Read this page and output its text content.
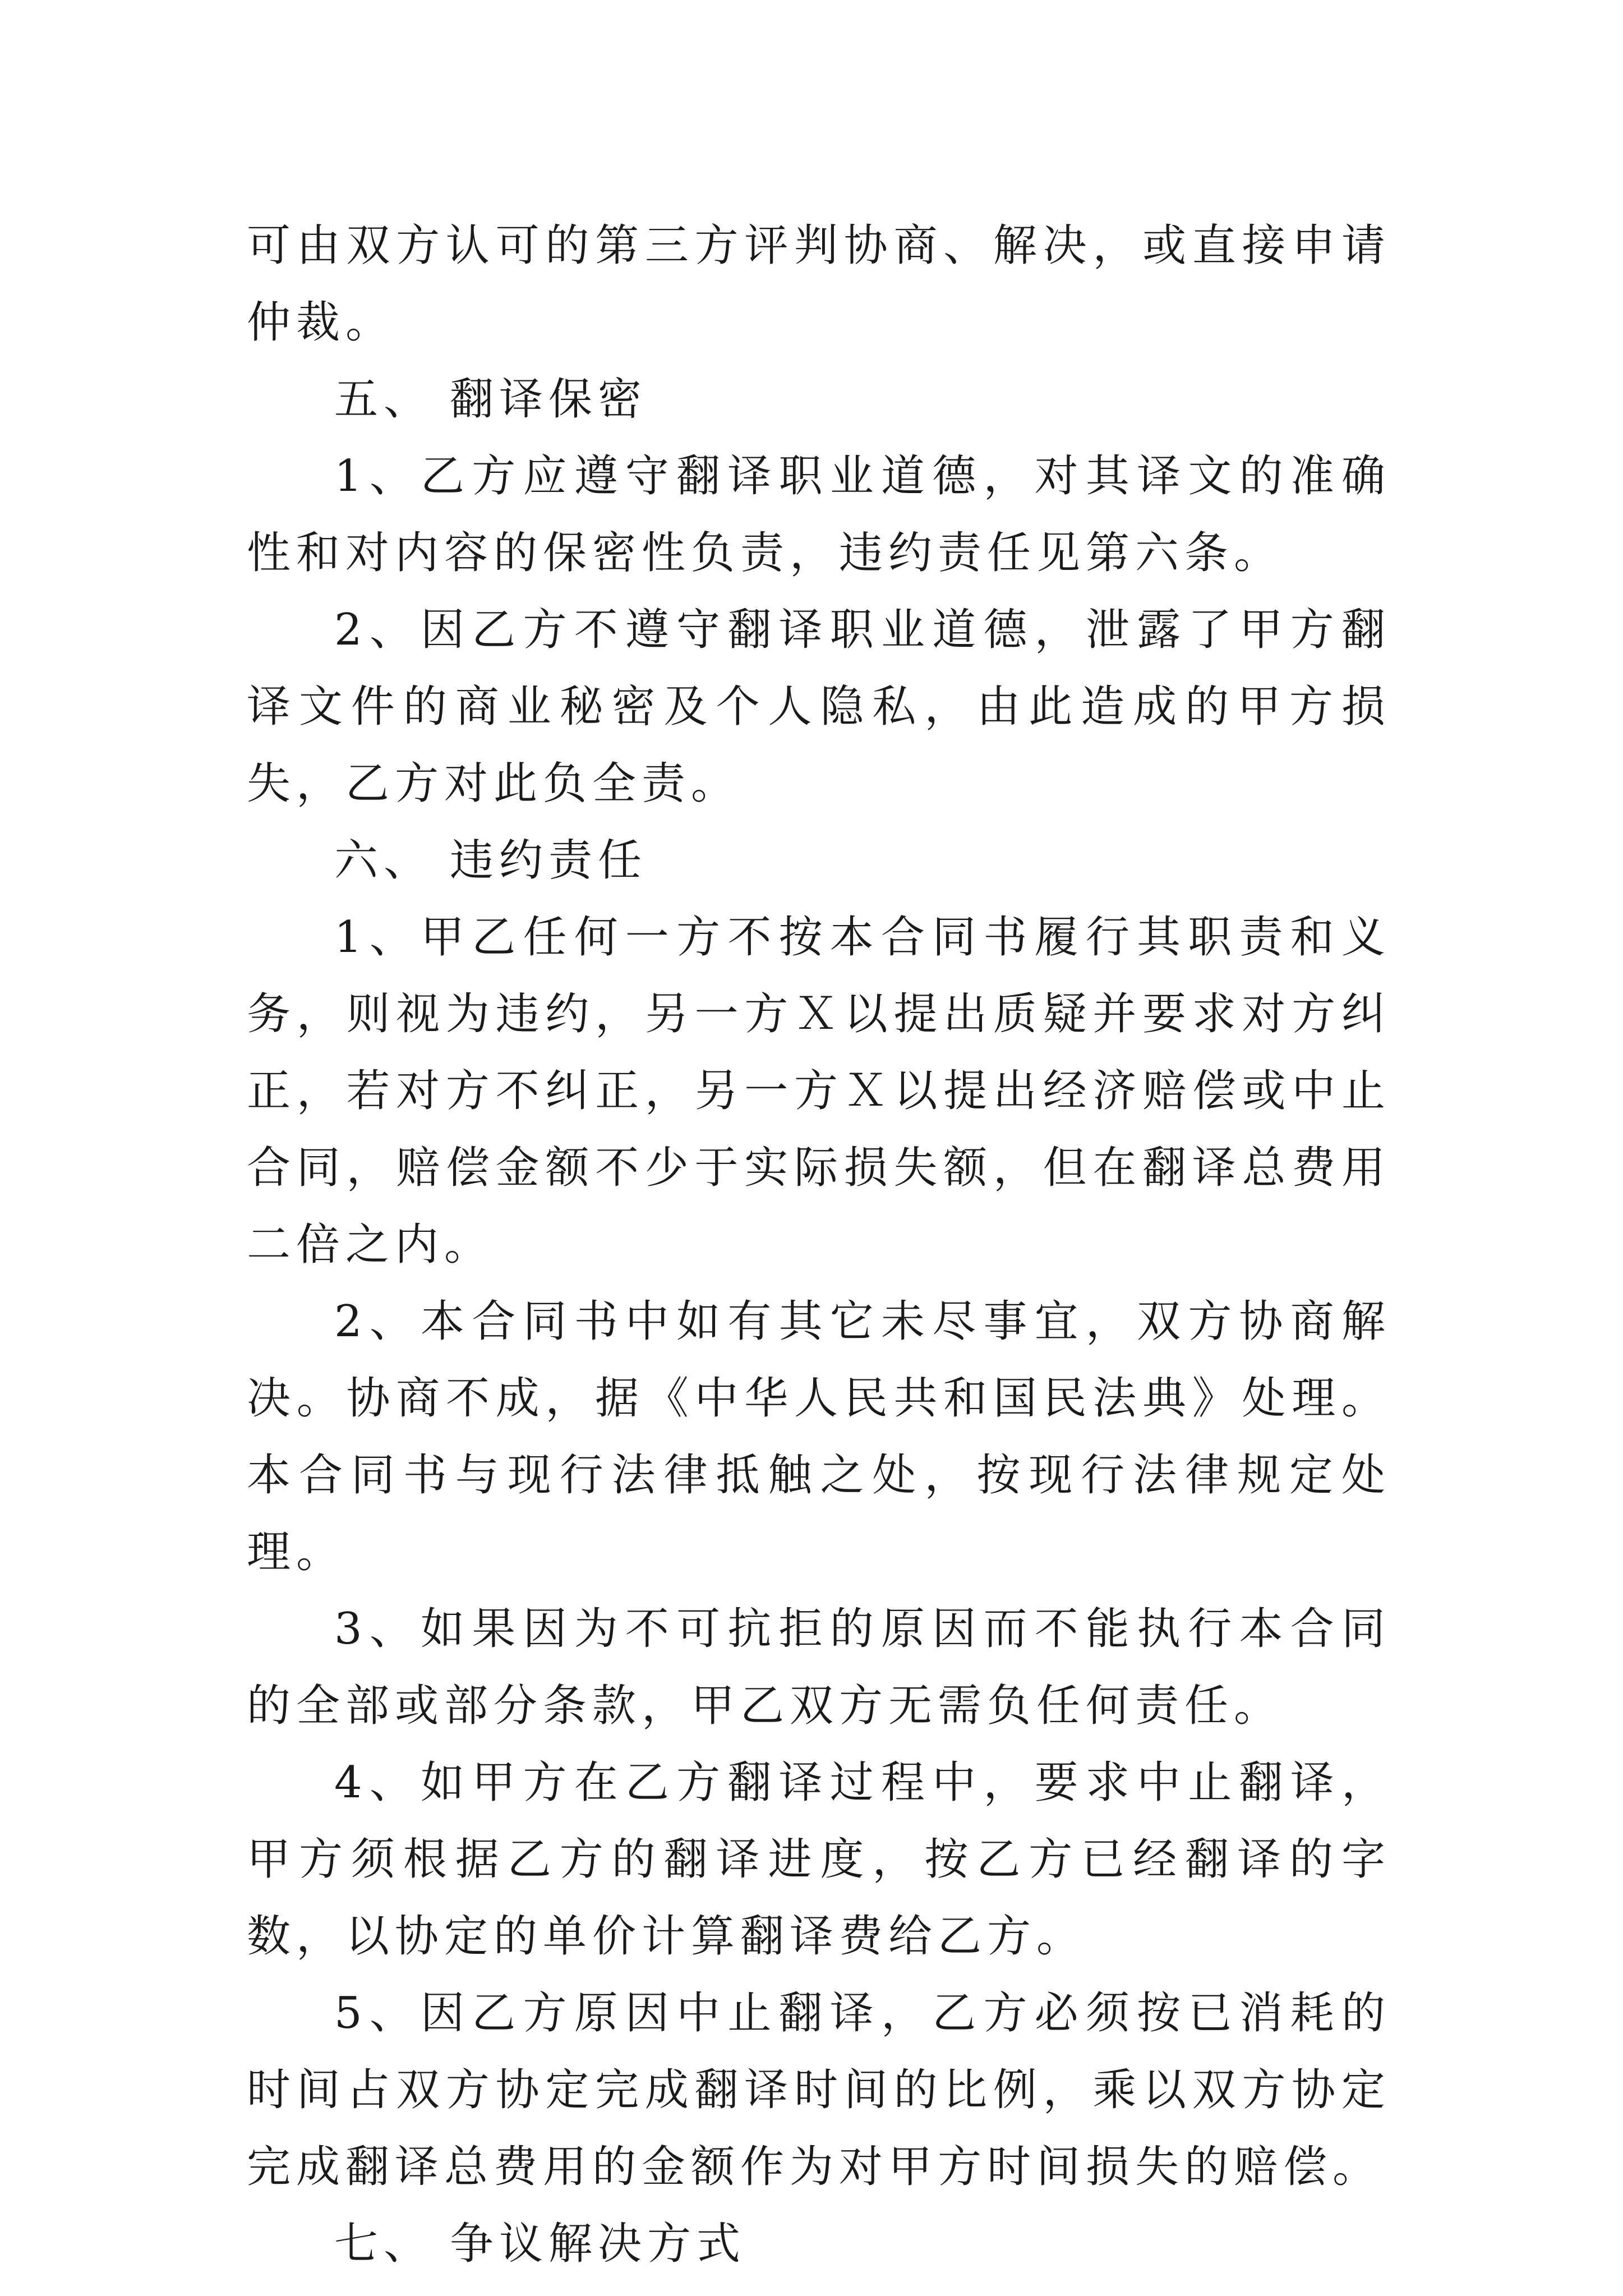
可由双方认可的第三方评判协商、解决，或直接申请仲裁。

五、 翻译保密

1、乙方应遵守翻译职业道德，对其译文的准确性和对内容的保密性负责，违约责任见第六条。

2、因乙方不遵守翻译职业道德，泄露了甲方翻译文件的商业秘密及个人隐私，由此造成的甲方损失，乙方对此负全责。

六、 违约责任

1、甲乙任何一方不按本合同书履行其职责和义务，则视为违约，另一方Ｘ以提出质疑并要求对方纠正，若对方不纠正，另一方Ｘ以提出经济赔偿或中止合同，赔偿金额不少于实际损失额，但在翻译总费用二倍之内。

2、本合同书中如有其它未尽事宜，双方协商解决。协商不成，据《中华人民共和国民法典》处理。本合同书与现行法律抵触之处，按现行法律规定处理。

3、如果因为不可抗拒的原因而不能执行本合同的全部或部分条款，甲乙双方无需负任何责任。

4、如甲方在乙方翻译过程中，要求中止翻译，甲方须根据乙方的翻译进度，按乙方已经翻译的字数，以协定的单价计算翻译费给乙方。

5、因乙方原因中止翻译，乙方必须按已消耗的时间占双方协定完成翻译时间的比例，乘以双方协定完成翻译总费用的金额作为对甲方时间损失的赔偿。

七、 争议解决方式
